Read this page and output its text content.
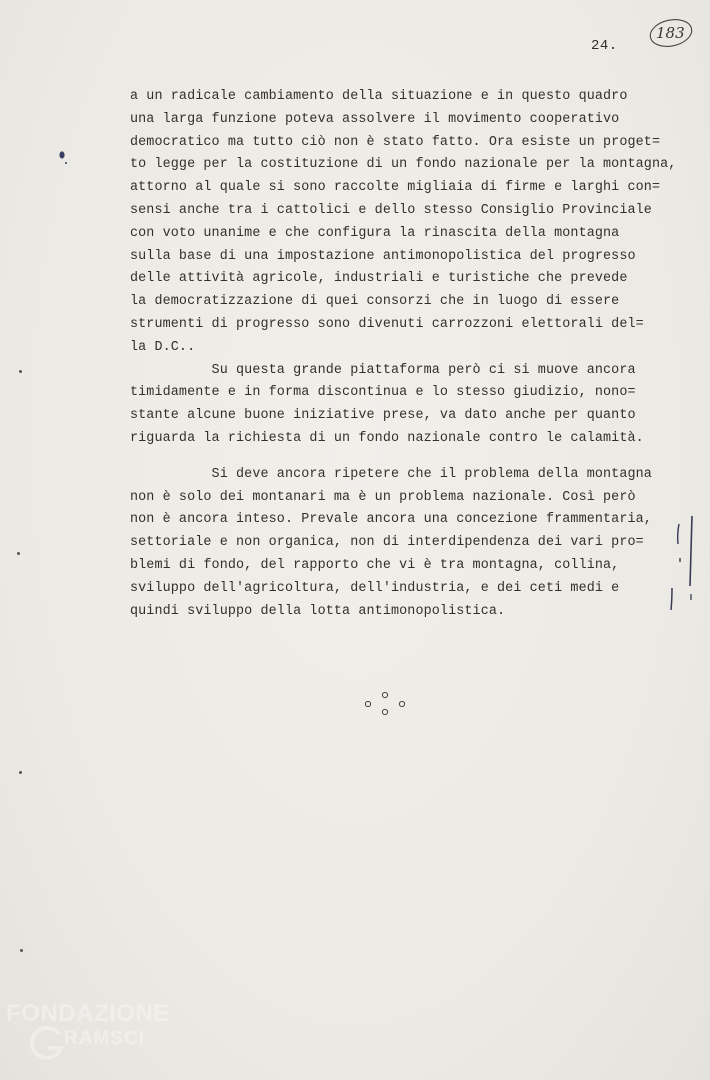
24.
183
a un radicale cambiamento della situazione e in questo quadro
una larga funzione poteva assolvere il movimento cooperativo
democratico ma tutto ciò non è stato fatto. Ora esiste un proget=
to legge per la costituzione di un fondo nazionale per la montagna,
attorno al quale si sono raccolte migliaia di firme e larghi con=
sensi anche tra i cattolici e dello stesso Consiglio Provinciale
con voto unanime e che configura la rinascita della montagna
sulla base di una impostazione antimonopolistica del progresso
delle attività agricole, industriali e turistiche che prevede
la democratizzazione di quei consorzi che in luogo di essere
strumenti di progresso sono divenuti carrozzoni elettorali del=
la D.C..
Su questa grande piattaforma però ci si muove ancora
timidamente e in forma discontinua e lo stesso giudizio, nono=
stante alcune buone iniziative prese, va dato anche per quanto
riguarda la richiesta di un fondo nazionale contro le calamità.
Si deve ancora ripetere che il problema della montagna
non è solo dei montanari ma è un problema nazionale. Così però
non è ancora inteso. Prevale ancora una concezione frammentaria,
settoriale e non organica, non di interdipendenza dei vari pro=
blemi di fondo, del rapporto che vi è tra montagna, collina,
sviluppo dell'agricoltura, dell'industria, e dei ceti medi e
quindi sviluppo della lotta antimonopolistica.
FONDAZIONE
RAMSCI
